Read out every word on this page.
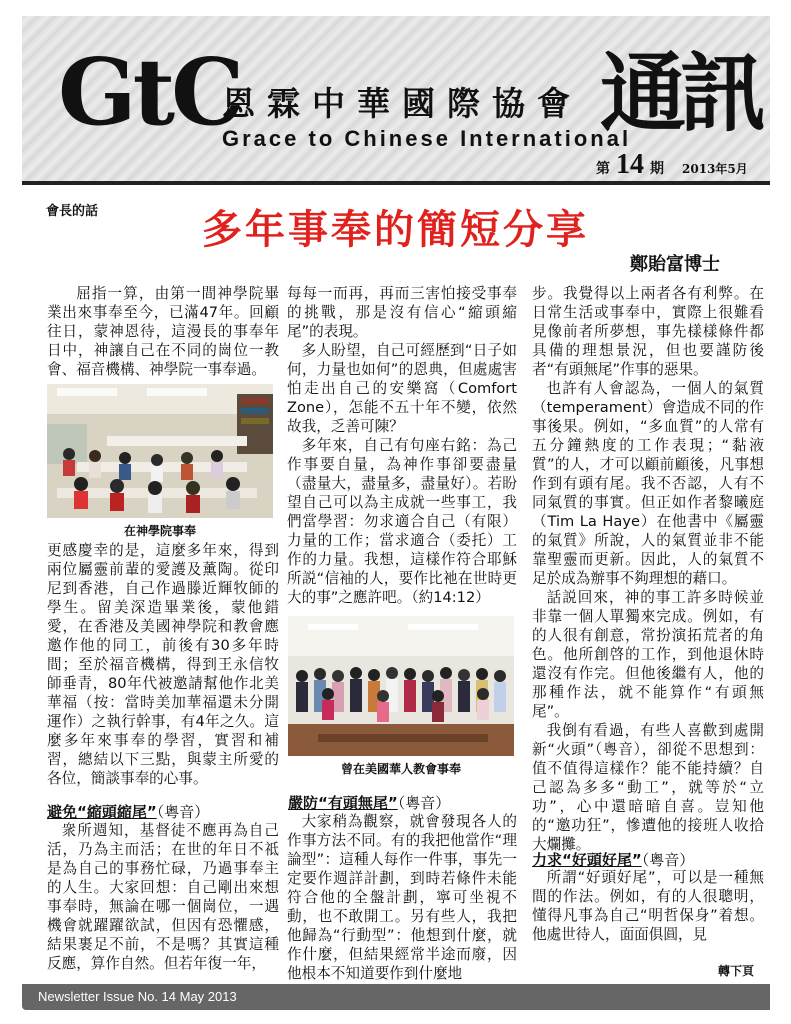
GtC
恩霖中華國際協會
Grace to Chinese International
通訊
第 14 期 2013年5月
會長的話	多年事奉的簡短分享
鄭貽富博士

屈指一算，由第一間神學院畢業出來事奉至今，已滿47年。回顧往日，蒙神恩待，這漫長的事奉年日中，神讓自己在不同的崗位一教會、福音機構、神學院一事奉過。

在神學院事奉

更感慶幸的是，這麼多年來，得到兩位屬靈前輩的愛護及薰陶。從印尼到香港，自己作過滕近輝牧師的學生。留美深造畢業後，蒙他錯愛，在香港及美國神學院和教會應邀作他的同工，前後有30多年時間；至於福音機構，得到王永信牧師垂青，80年代被邀請幫他作北美華福（按：當時美加華福還未分開運作）之執行幹事，有4年之久。這麼多年來事奉的學習，實習和補習，總結以下三點，與蒙主所愛的各位，簡談事奉的心事。

避免“縮頭縮尾”（粵音）

衆所週知，基督徒不應再為自己活，乃為主而活；在世的年日不祗是為自己的事務忙碌，乃過事奉主的人生。大家回想：自己剛出來想事奉時，無論在哪一個崗位，一遇機會就躍躍欲試，但因有恐懼感，結果裹足不前，不是嗎？其實這種反應，算作自然。但若年復一年，

每每一而再，再而三害怕接受事奉的挑戰，那是沒有信心“縮頭縮尾”的表現。

多人盼望，自己可經歷到“日子如何，力量也如何”的恩典，但處處害怕走出自己的安樂窩（Comfort Zone），怎能不五十年不變，依然故我，乏善可陳？

多年來，自己有句座右銘：為己作事要自量，為神作事卻要盡量（盡量大，盡量多，盡量好）。若盼望自己可以為主成就一些事工，我們當學習：勿求適合自己（有限）力量的工作；當求適合（委托）工作的力量。我想，這樣作符合耶穌所説“信袖的人，要作比衪在世時更大的事”之應許吧。（約14:12）

曾在美國華人教會事奉
嚴防“有頭無尾”（粵音）

大家稍為觀察，就會發現各人的作事方法不同。有的我把他當作“理論型”：這種人每作一件事，事先一定要作週詳計劃，到時若條件未能符合他的全盤計劃，寧可坐視不動，也不敢開工。另有些人，我把他歸為“行動型”：他想到什麼，就作什麼，但結果經常半途而廢，因他根本不知道要作到什麼地

步。我覺得以上兩者各有利弊。在日常生活或事奉中，實際上很難看見像前者所夢想，事先樣樣條件都具備的理想景況，但也要謹防後者“有頭無尾”作事的惡果。

也許有人會認為，一個人的氣質（temperament）會造成不同的作事後果。例如，“多血質”的人常有五分鐘熱度的工作表現；“黏液質”的人，才可以顧前顧後，凡事想作到有頭有尾。我不否認，人有不同氣質的事實。但正如作者黎曦庭（Tim La Haye）在他書中《屬靈的氣質》所說，人的氣質並非不能靠聖靈而更新。因此，人的氣質不足於成為辦事不夠理想的藉口。

話説回來，神的事工許多時候並非靠一個人單獨來完成。例如，有的人很有創意，常扮演拓荒者的角色。他所創啓的工作，到他退休時還沒有作完。但他後繼有人，他的那種作法，就不能算作“有頭無尾”。

我倒有看過，有些人喜歡到處開新“火頭”（粵音），卻從不思想到：值不值得這樣作？能不能持續？自己認為多多“動工”，就等於“立功”，心中還暗暗自喜。豈知他的“邀功狂”，慘遭他的接班人收拾大爛攤。

力求“好頭好尾”（粵音）

所謂“好頭好尾”，可以是一種無間的作法。例如，有的人很聰明，懂得凡事為自己“明哲保身”着想。他處世待人，面面俱圓，見

轉下頁
Newsletter Issue No. 14 May 2013
